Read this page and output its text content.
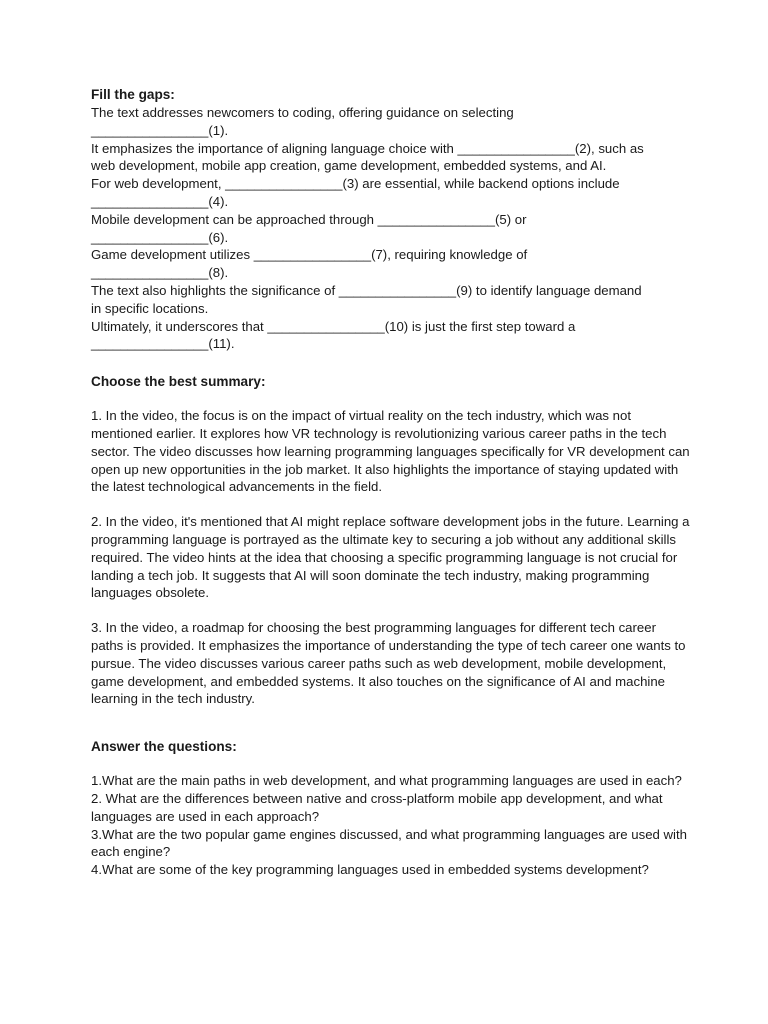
Fill the gaps:

The text addresses newcomers to coding, offering guidance on selecting

________________(1).

It emphasizes the importance of aligning language choice with ________________(2), such as

web development, mobile app creation, game development, embedded systems, and AI.

For web development, ________________(3) are essential, while backend options include

________________(4).

Mobile development can be approached through ________________(5) or

________________(6).

Game development utilizes ________________(7), requiring knowledge of

________________(8).

The text also highlights the significance of ________________(9) to identify language demand

in specific locations.

Ultimately, it underscores that ________________(10) is just the first step toward a

________________(11).

Choose the best summary:

1. In the video, the focus is on the impact of virtual reality on the tech industry, which was not mentioned earlier. It explores how VR technology is revolutionizing various career paths in the tech sector. The video discusses how learning programming languages specifically for VR development can open up new opportunities in the job market. It also highlights the importance of staying updated with the latest technological advancements in the field.

2. In the video, it's mentioned that AI might replace software development jobs in the future. Learning a programming language is portrayed as the ultimate key to securing a job without any additional skills required. The video hints at the idea that choosing a specific programming language is not crucial for landing a tech job. It suggests that AI will soon dominate the tech industry, making programming languages obsolete.

3. In the video, a roadmap for choosing the best programming languages for different tech career paths is provided. It emphasizes the importance of understanding the type of tech career one wants to pursue. The video discusses various career paths such as web development, mobile development, game development, and embedded systems. It also touches on the significance of AI and machine learning in the tech industry.

Answer the questions:

1.What are the main paths in web development, and what programming languages are used in each?

2. What are the differences between native and cross-platform mobile app development, and what languages are used in each approach?

3.What are the two popular game engines discussed, and what programming languages are used with each engine?

4.What are some of the key programming languages used in embedded systems development?
